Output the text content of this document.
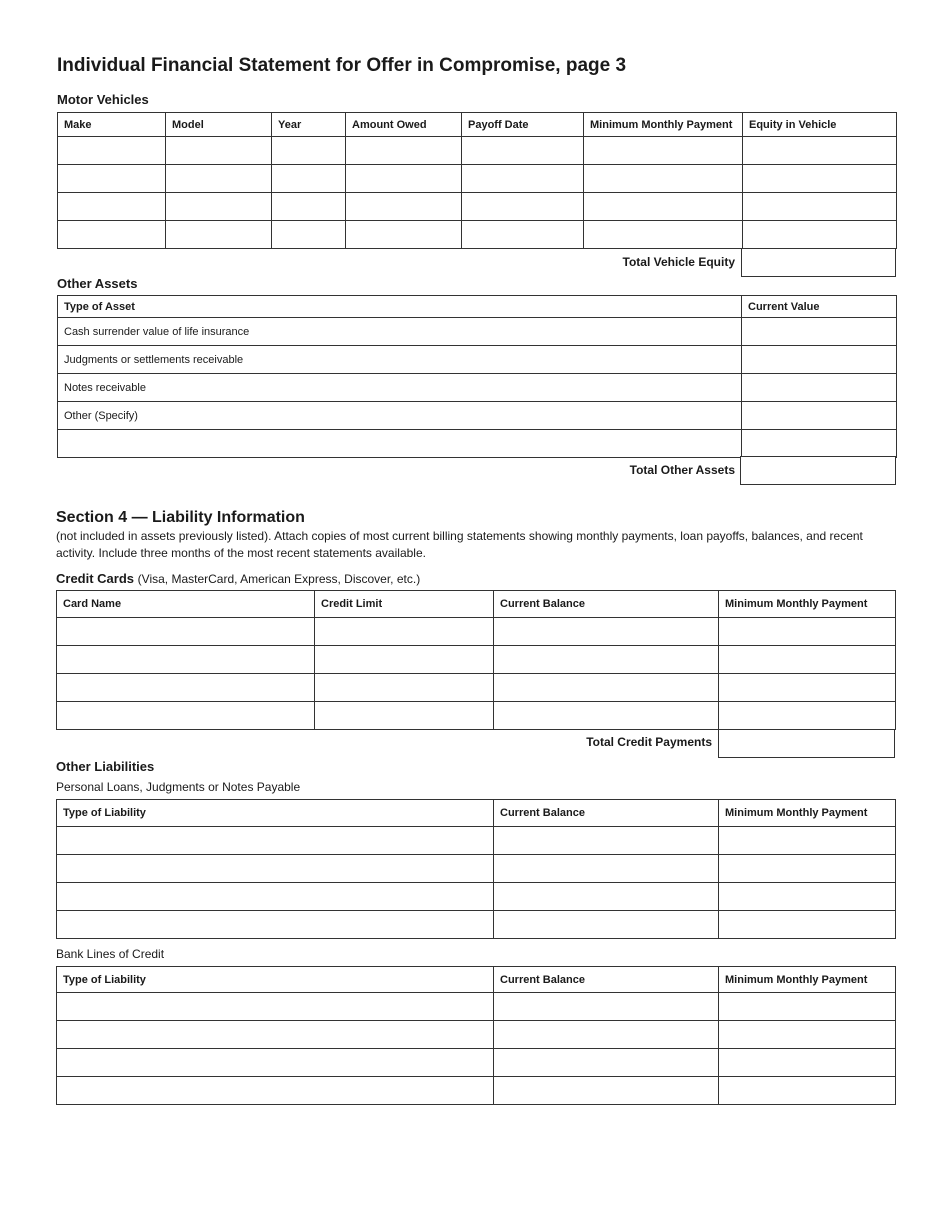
Individual Financial Statement for Offer in Compromise, page 3
Motor Vehicles
Make	Model	Year	Amount Owed	Payoff Date	Minimum Monthly Payment	Equity in Vehicle

Total Vehicle Equity
Other Assets
Type of Asset	Current Value
Cash surrender value of life insurance	
Judgments or settlements receivable	
Notes receivable	
Other (Specify)	

Total Other Assets
Section 4 — Liability Information
(not included in assets previously listed). Attach copies of most current billing statements showing monthly payments, loan payoffs, balances, and recent activity. Include three months of the most recent statements available.
Credit Cards (Visa, MasterCard, American Express, Discover, etc.)
Card Name	Credit Limit	Current Balance	Minimum Monthly Payment

Total Credit Payments
Other Liabilities
Personal Loans, Judgments or Notes Payable
Type of Liability	Current Balance	Minimum Monthly Payment

Bank Lines of Credit
Type of Liability	Current Balance	Minimum Monthly Payment
